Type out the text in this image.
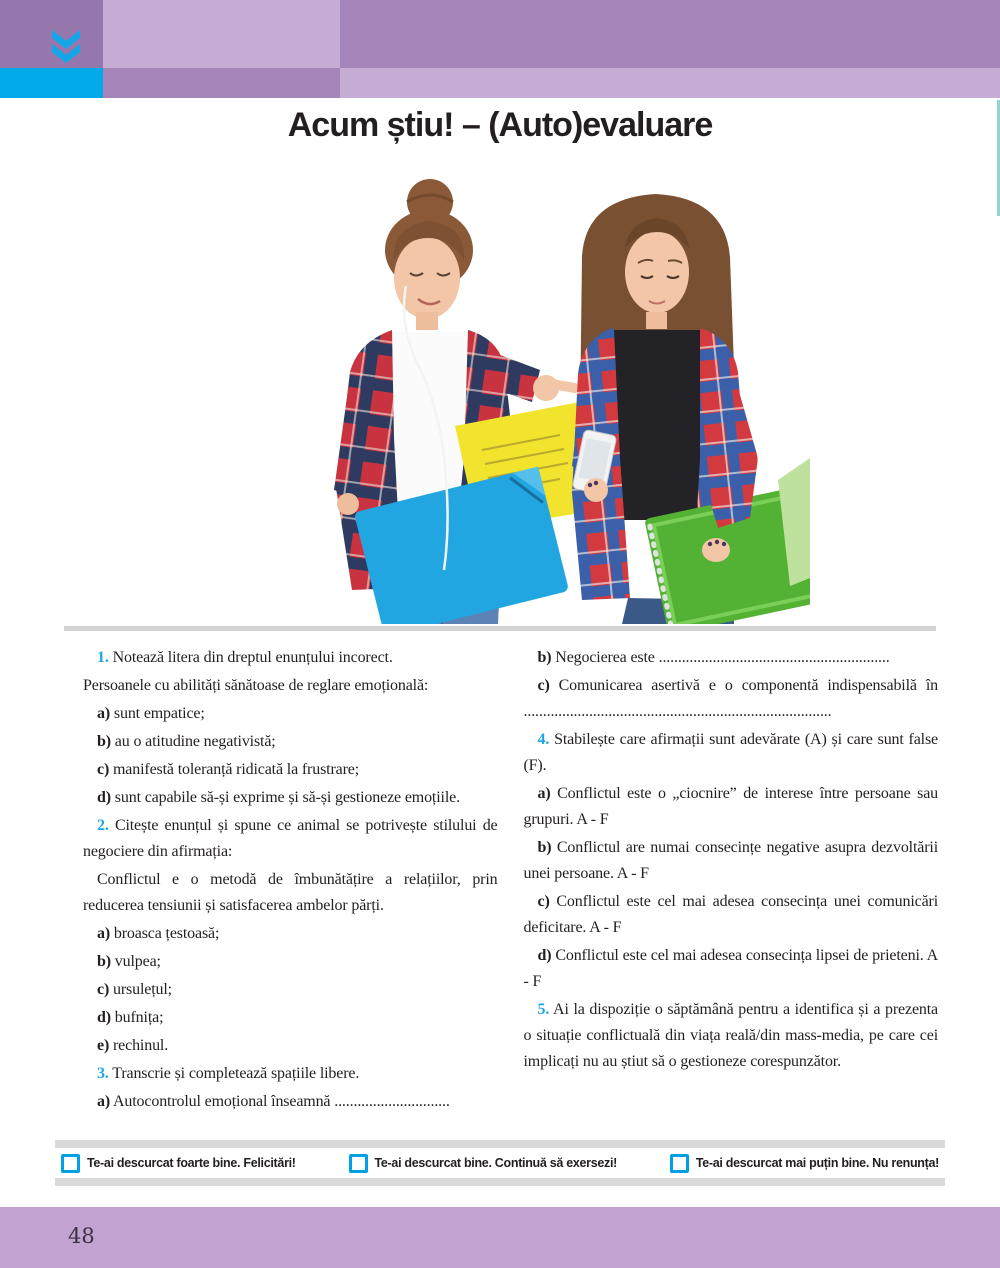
Acum știu! – (Auto)evaluare

1. Notează litera din dreptul enunțului incorect.

Persoanele cu abilități sănătoase de reglare emoțională:

a) sunt empatice;

b) au o atitudine negativistă;

c) manifestă toleranță ridicată la frustrare;

d) sunt capabile să-și exprime și să-și gestioneze emoțiile.

2. Citește enunțul și spune ce animal se potrivește stilului de negociere din afirmația:

Conflictul e o metodă de îmbunătățire a relațiilor, prin reducerea tensiunii și satisfacerea ambelor părți.

a) broasca țestoasă;

b) vulpea;

c) ursulețul;

d) bufnița;

e) rechinul.

3. Transcrie și completează spațiile libere.

a) Autocontrolul emoțional înseamnă ..............................

b) Negocierea este ............................................................

c) Comunicarea asertivă e o componentă indispensabilă în ................................................................................

4. Stabilește care afirmații sunt adevărate (A) și care sunt false (F).

a) Conflictul este o „ciocnire” de interese între persoane sau grupuri. A - F

b) Conflictul are numai consecințe negative asupra dezvoltării unei persoane. A - F

c) Conflictul este cel mai adesea consecința unei comunicări deficitare. A - F

d) Conflictul este cel mai adesea consecința lipsei de prieteni. A - F

5. Ai la dispoziție o săptămână pentru a identifica și a prezenta o situație conflictuală din viața reală/din mass-media, pe care cei implicați nu au știut să o gestioneze corespunzător.

Te-ai descurcat foarte bine. Felicitări!	Te-ai descurcat bine. Continuă să exersezi!	Te-ai descurcat mai puțin bine. Nu renunța!
48
